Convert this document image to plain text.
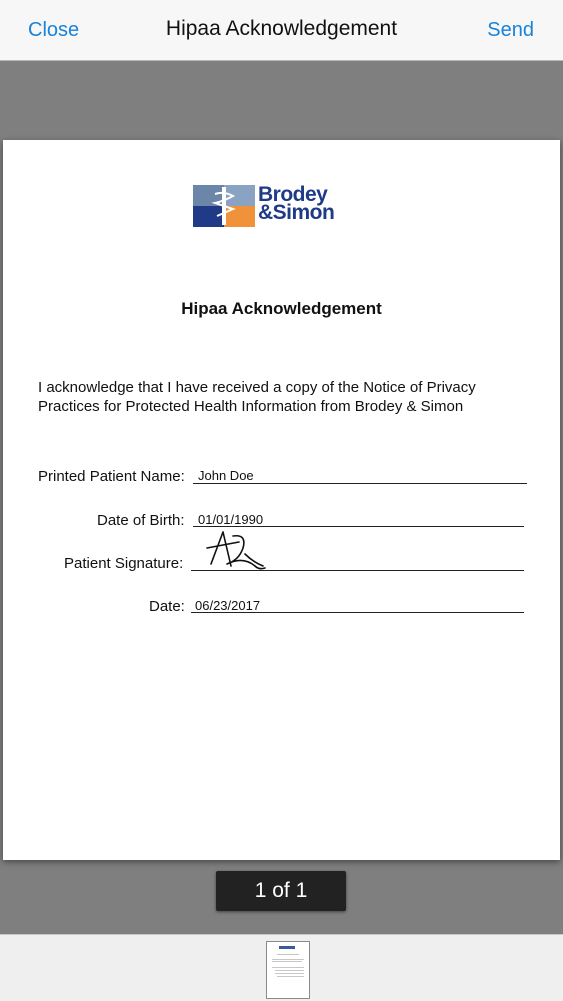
Close	Hipaa Acknowledgement	Send
Brodey
&Simon
Hipaa Acknowledgement
I acknowledge that I have received a copy of the Notice of Privacy Practices for Protected Health Information from Brodey & Simon
Printed Patient Name: John Doe
Date of Birth: 01/01/1990
Patient Signature:
Date: 06/23/2017
1 of 1
